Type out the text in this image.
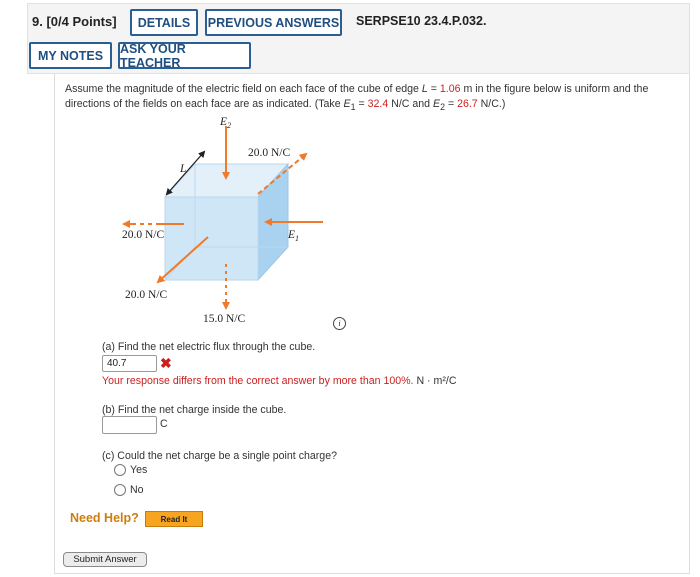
9. [0/4 Points]	DETAILS	PREVIOUS ANSWERS SERPSE10 23.4.P.032.
MY NOTES	ASK YOUR TEACHER
Assume the magnitude of the electric field on each face of the cube of edge L = 1.06 m in the figure below is uniform and the directions of the fields on each face are as indicated. (Take $E_1 = 32.4$ N/C and $E_2 = 26.7$ N/C.)
$E_2$
20.0 N/C
L
20.0 N/C	$E_1$
20.0 N/C
15.0 N/C	i
(a) Find the net electric flux through the cube.
40.7	✖
Your response differs from the correct answer by more than 100%. N · m²/C
(b) Find the net charge inside the cube.
C
(c) Could the net charge be a single point charge?
Yes
No
Need Help?	Read It
Submit Answer
